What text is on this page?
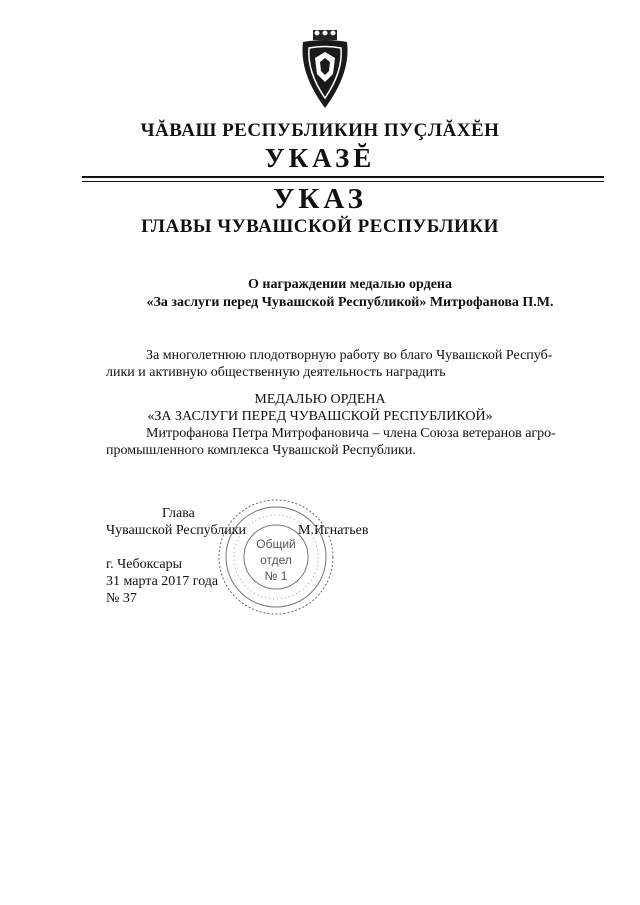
ЧĂВАШ РЕСПУБЛИКИН ПУÇЛĂХĔН
УКАЗĔ
УКАЗ
ГЛАВЫ ЧУВАШСКОЙ РЕСПУБЛИКИ
О награждении медалью ордена
«За заслуги перед Чувашской Республикой» Митрофанова П.М.
За многолетнюю плодотворную работу во благо Чувашской Респуб-
лики и активную общественную деятельность наградить
МЕДАЛЬЮ ОРДЕНА
«ЗА ЗАСЛУГИ ПЕРЕД ЧУВАШСКОЙ РЕСПУБЛИКОЙ»
Митрофанова Петра Митрофановича – члена Союза ветеранов агро-
промышленного комплекса Чувашской Республики.
Глава
Чувашской Республики	М.Игнатьев
г. Чебоксары
31 марта 2017 года
№ 37
Общий
отдел
№ 1
